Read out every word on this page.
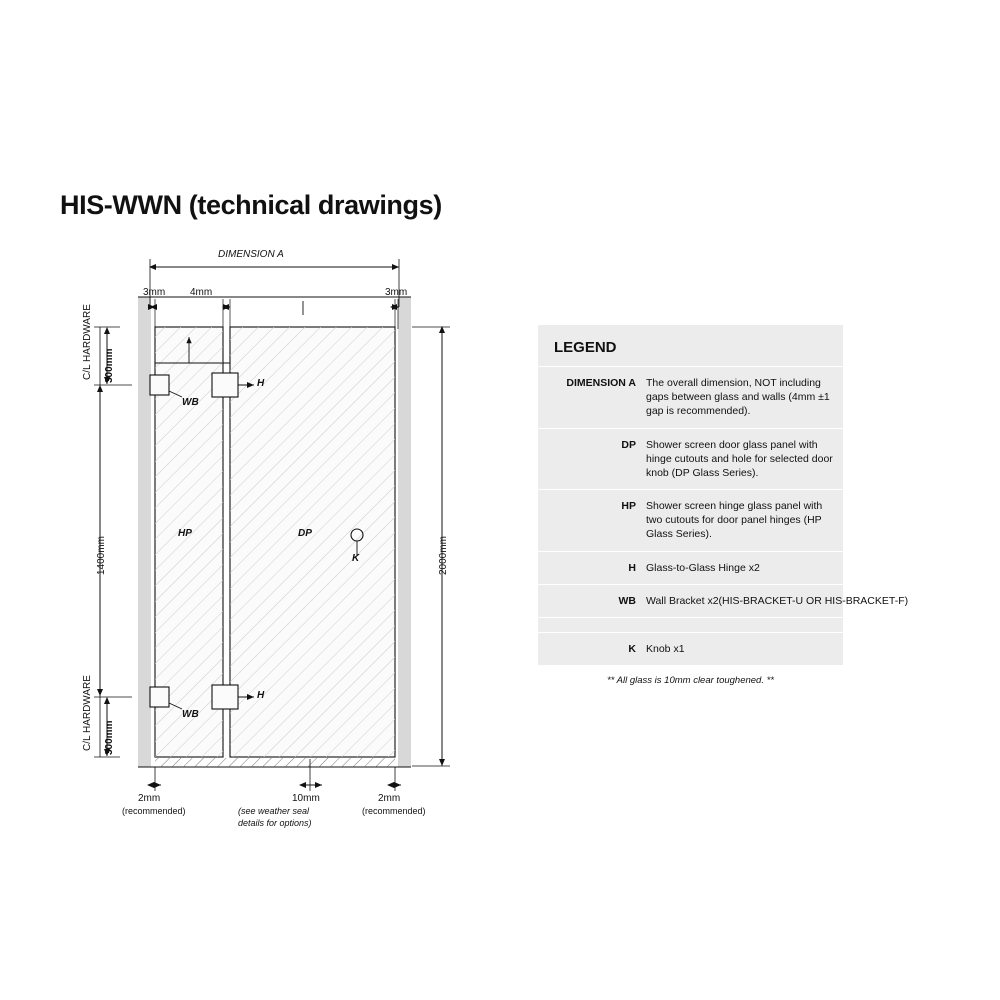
HIS-WWN (technical drawings)
DIMENSION A
3mm 4mm	3mm
C/L HARDWARE 300mm
1400mm
C/L HARDWARE 300mm
2000mm
HP	DP
K
H
H
WB
WB
2mm
(recommended)
10mm
(see weather seal
details for options)
2mm
(recommended)
LEGEND
DIMENSION A The overall dimension, NOT including gaps between glass and walls (4mm ±1 gap is recommended).
DP Shower screen door glass panel with hinge cutouts and hole for selected door knob (DP Glass Series).
HP Shower screen hinge glass panel with two cutouts for door panel hinges (HP Glass Series).
H Glass-to-Glass Hinge x2
WB Wall Bracket x2(HIS-BRACKET-U OR HIS-BRACKET-F)
K Knob x1
** All glass is 10mm clear toughened. **
